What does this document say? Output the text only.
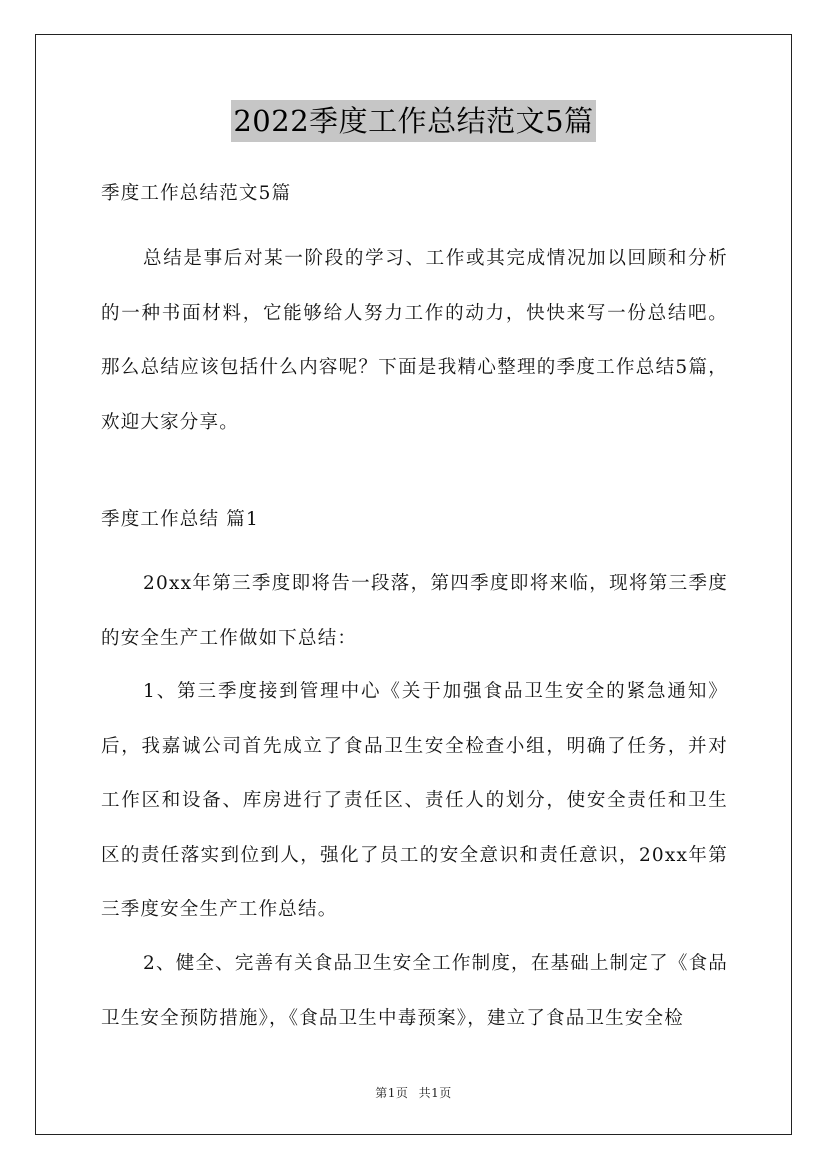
2022季度工作总结范文5篇

季度工作总结范文5篇

总结是事后对某一阶段的学习、工作或其完成情况加以回顾和分析的一种书面材料，它能够给人努力工作的动力，快快来写一份总结吧。那么总结应该包括什么内容呢？下面是我精心整理的季度工作总结5篇，欢迎大家分享。

季度工作总结 篇1

20xx年第三季度即将告一段落，第四季度即将来临，现将第三季度的安全生产工作做如下总结：

1、第三季度接到管理中心《关于加强食品卫生安全的紧急通知》后，我嘉诚公司首先成立了食品卫生安全检查小组，明确了任务，并对工作区和设备、库房进行了责任区、责任人的划分，使安全责任和卫生区的责任落实到位到人，强化了员工的安全意识和责任意识，20xx年第三季度安全生产工作总结。

2、健全、完善有关食品卫生安全工作制度，在基础上制定了《食品卫生安全预防措施》，《食品卫生中毒预案》，建立了食品卫生安全检

第1页 共1页
